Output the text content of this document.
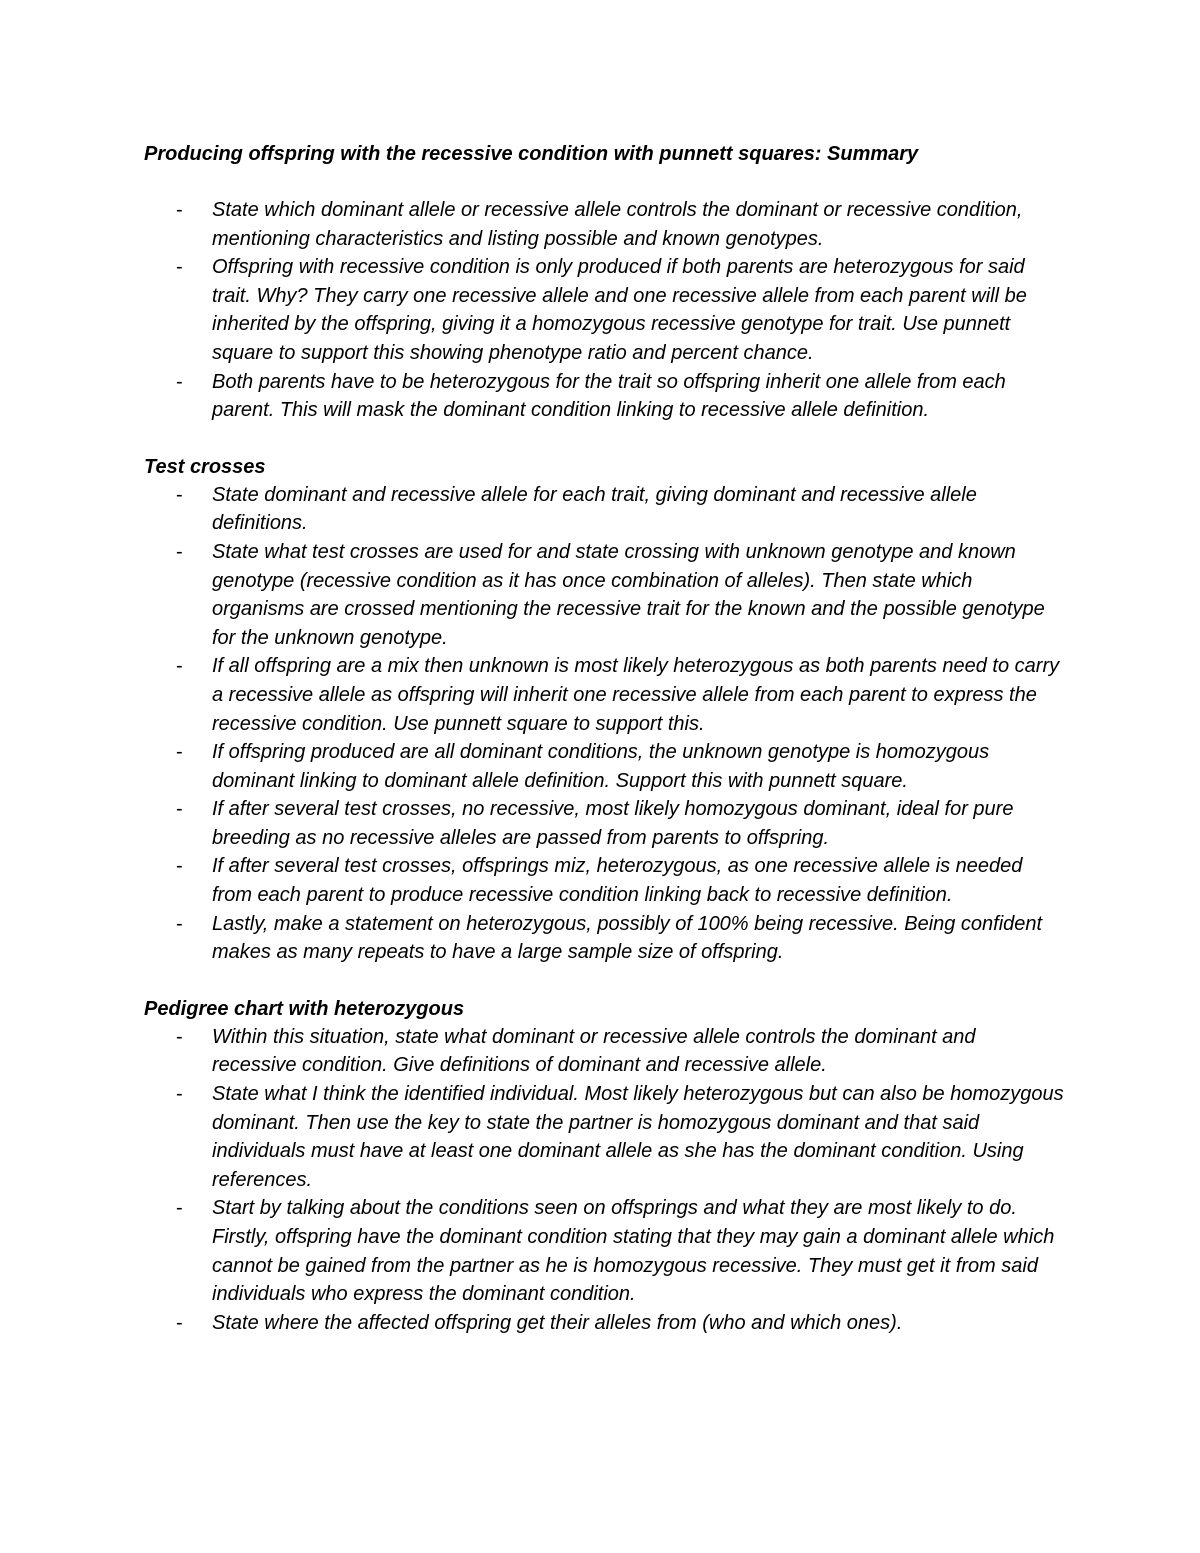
Producing offspring with the recessive condition with punnett squares: Summary
- State which dominant allele or recessive allele controls the dominant or recessive condition, mentioning characteristics and listing possible and known genotypes.
- Offspring with recessive condition is only produced if both parents are heterozygous for said trait. Why? They carry one recessive allele and one recessive allele from each parent will be inherited by the offspring, giving it a homozygous recessive genotype for trait. Use punnett square to support this showing phenotype ratio and percent chance.
- Both parents have to be heterozygous for the trait so offspring inherit one allele from each parent. This will mask the dominant condition linking to recessive allele definition.
Test crosses
- State dominant and recessive allele for each trait, giving dominant and recessive allele definitions.
- State what test crosses are used for and state crossing with unknown genotype and known genotype (recessive condition as it has once combination of alleles). Then state which organisms are crossed mentioning the recessive trait for the known and the possible genotype for the unknown genotype.
- If all offspring are a mix then unknown is most likely heterozygous as both parents need to carry a recessive allele as offspring will inherit one recessive allele from each parent to express the recessive condition. Use punnett square to support this.
- If offspring produced are all dominant conditions, the unknown genotype is homozygous dominant linking to dominant allele definition. Support this with punnett square.
- If after several test crosses, no recessive, most likely homozygous dominant, ideal for pure breeding as no recessive alleles are passed from parents to offspring.
- If after several test crosses, offsprings miz, heterozygous, as one recessive allele is needed from each parent to produce recessive condition linking back to recessive definition.
- Lastly, make a statement on heterozygous, possibly of 100% being recessive. Being confident makes as many repeats to have a large sample size of offspring.
Pedigree chart with heterozygous
- Within this situation, state what dominant or recessive allele controls the dominant and recessive condition. Give definitions of dominant and recessive allele.
- State what I think the identified individual. Most likely heterozygous but can also be homozygous dominant. Then use the key to state the partner is homozygous dominant and that said individuals must have at least one dominant allele as she has the dominant condition. Using references.
- Start by talking about the conditions seen on offsprings and what they are most likely to do. Firstly, offspring have the dominant condition stating that they may gain a dominant allele which cannot be gained from the partner as he is homozygous recessive. They must get it from said individuals who express the dominant condition.
- State where the affected offspring get their alleles from (who and which ones).
